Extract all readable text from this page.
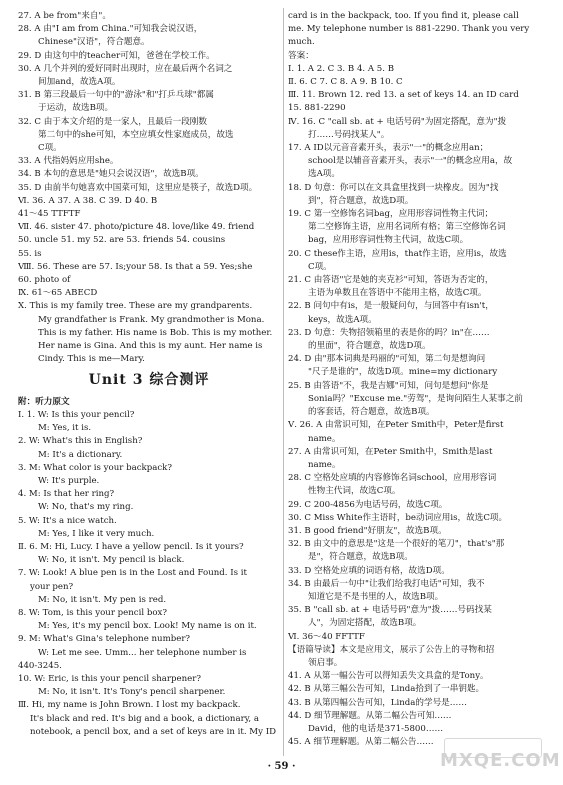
27. A be from"来自"。
28. A 由"I am from China."可知我会说汉语，
Chinese"汉语"，符合题意。
29. D 由这句中的teacher可知，爸爸在学校工作。
30. A 几个并列的爱好同时出现时，应在最后两个名词之
间加and，故选A项。
31. B 第三段最后一句中的"游泳"和"打乒乓球"都属
于运动，故选B项。
32. C 由于本文介绍的是一家人，且最后一段刚数
第二句中的she可知，本空应填女性家庭成员，故选
C项。
33. A 代指妈妈应用she。
34. B 本句的意思是"她只会说汉语"，故选B项。
35. D 由前半句她喜欢中国菜可知，这里应是筷子，故选D项。
Ⅵ. 36. A 37. A 38. C 39. D 40. B
41～45 TTFTF
Ⅶ. 46. sister 47. photo/picture 48. love/like 49. friend
50. uncle 51. my 52. are 53. friends 54. cousins
55. is
Ⅷ. 56. These are 57. Is;your 58. Is that a 59. Yes;she
60. photo of
Ⅸ. 61～65 ABECD
X. This is my family tree. These are my grandparents.
My grandfather is Frank. My grandmother is Mona.
This is my father. His name is Bob. This is my mother.
Her name is Gina. And this is my aunt. Her name is
Cindy. This is me—Mary.
Unit 3 综合测评
附：听力原文
Ⅰ. 1. W: Is this your pencil?
M: Yes, it is.
2. W: What's this in English?
M: It's a dictionary.
3. M: What color is your backpack?
W: It's purple.
4. M: Is that her ring?
W: No, that's my ring.
5. W: It's a nice watch.
M: Yes, I like it very much.
Ⅱ. 6. M: Hi, Lucy. I have a yellow pencil. Is it yours?
W: No, it isn't. My pencil is black.
7. W: Look! A blue pen is in the Lost and Found. Is it
your pen?
M: No, it isn't. My pen is red.
8. W: Tom, is this your pencil box?
M: Yes, it's my pencil box. Look! My name is on it.
9. M: What's Gina's telephone number?
W: Let me see. Umm... her telephone number is
440-3245.
10. W: Eric, is this your pencil sharpener?
M: No, it isn't. It's Tony's pencil sharpener.
Ⅲ. Hi, my name is John Brown. I lost my backpack.
It's black and red. It's big and a book, a dictionary, a
notebook, a pencil box, and a set of keys are in it. My ID
card is in the backpack, too. If you find it, please call
me. My telephone number is 881-2290. Thank you very
much.
答案：
Ⅰ. 1. A 2. C 3. B 4. A 5. B
Ⅱ. 6. C 7. C 8. A 9. B 10. C
Ⅲ. 11. Brown 12. red 13. a set of keys 14. an ID card
15. 881-2290
Ⅳ. 16. C "call sb. at + 电话号码"为固定搭配，意为"拨
打……号码找某人"。
17. A ID以元音音素开头，表示"一"的概念应用an；
school是以辅音音素开头，表示"一"的概念应用a，故
选A项。
18. D 句意：你可以在文具盒里找到一块橡皮。因为"找
到"，符合题意，故选D项。
19. C 第一空修饰名词bag，应用形容词性物主代词；
第二空修饰主语，应用名词所有格；第三空修饰名词
bag，应用形容词性物主代词，故选C项。
20. C these作主语，应用is，that作主语，应用is，故选
C项。
21. C 由答语"它是她的夹克衫"可知，答语为否定的，
主语为单数且在答语中不能用主格，故选C项。
22. B 问句中有is，是一般疑问句，与回答中有isn't，
keys，故选A项。
23. D 句意：失物招领箱里的表是你的吗？in"在……
的里面"，符合题意，故选D项。
24. D 由"那本词典是玛丽的"可知，第二句是想询问
"尺子是谁的"，故选D项。mine=my dictionary
25. B 由答语"不，我是吉娜"可知，问句是想问"你是
Sonia吗？"Excuse me."劳驾"，是询问陌生人某事之前
的客套话，符合题意，故选B项。
Ⅴ. 26. A 由常识可知，在Peter Smith中，Peter是first
name。
27. A 由常识可知，在Peter Smith中，Smith是last
name。
28. C 空格处应填的内容修饰名词school，应用形容词
性物主代词，故选C项。
29. C 200-4856为电话号码，故选C项。
30. C Miss White作主语时，be动词应用is，故选C项。
31. B good friend"好朋友"，故选B项。
32. B 由文中的意思是"这是一个很好的笔刀"，that's"那
是"，符合题意，故选B项。
33. D 空格处应填的词语有格，故选D项。
34. B 由最后一句中"让我们给我打电话"可知，我不
知道它是不是书里的人，故选B项。
35. B "call sb. at + 电话号码"意为"拨……号码找某
人"，为固定搭配，故选B项。
Ⅵ. 36～40 FFTTF
【语篇导读】本文是应用文，展示了公告上的寻物和招
领启事。
41. A 从第一幅公告可以得知丢失文具盒的是Tony。
42. B 从第三幅公告可知，Linda拾到了一串钥匙。
43. B 从第四幅公告可知，Linda的学号是……
44. D 细节理解题。从第二幅公告可知……
David，他的电话是371-5800……
45. A 细节理解题。从第二幅公告……
· 59 ·	MXQE.COM
